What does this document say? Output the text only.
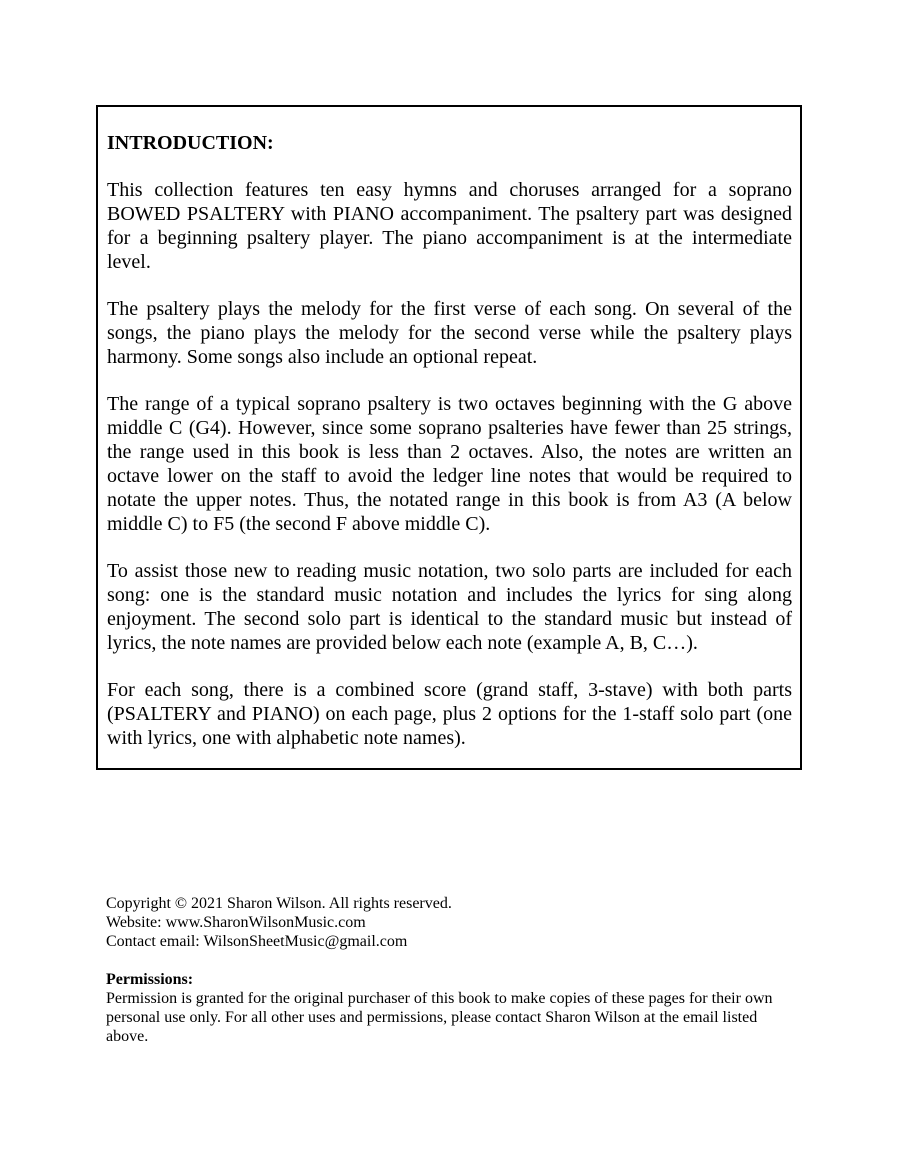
INTRODUCTION:

This collection features ten easy hymns and choruses arranged for a soprano BOWED PSALTERY with PIANO accompaniment. The psaltery part was designed for a beginning psaltery player. The piano accompaniment is at the intermediate level.

The psaltery plays the melody for the first verse of each song. On several of the songs, the piano plays the melody for the second verse while the psaltery plays harmony. Some songs also include an optional repeat.

The range of a typical soprano psaltery is two octaves beginning with the G above middle C (G4). However, since some soprano psalteries have fewer than 25 strings, the range used in this book is less than 2 octaves. Also, the notes are written an octave lower on the staff to avoid the ledger line notes that would be required to notate the upper notes. Thus, the notated range in this book is from A3 (A below middle C) to F5 (the second F above middle C).

To assist those new to reading music notation, two solo parts are included for each song: one is the standard music notation and includes the lyrics for sing along enjoyment. The second solo part is identical to the standard music but instead of lyrics, the note names are provided below each note (example A, B, C…).

For each song, there is a combined score (grand staff, 3-stave) with both parts (PSALTERY and PIANO) on each page, plus 2 options for the 1-staff solo part (one with lyrics, one with alphabetic note names).

Copyright © 2021 Sharon Wilson. All rights reserved.
Website: www.SharonWilsonMusic.com
Contact email: WilsonSheetMusic@gmail.com
Permissions:
Permission is granted for the original purchaser of this book to make copies of these pages for their own personal use only. For all other uses and permissions, please contact Sharon Wilson at the email listed above.
